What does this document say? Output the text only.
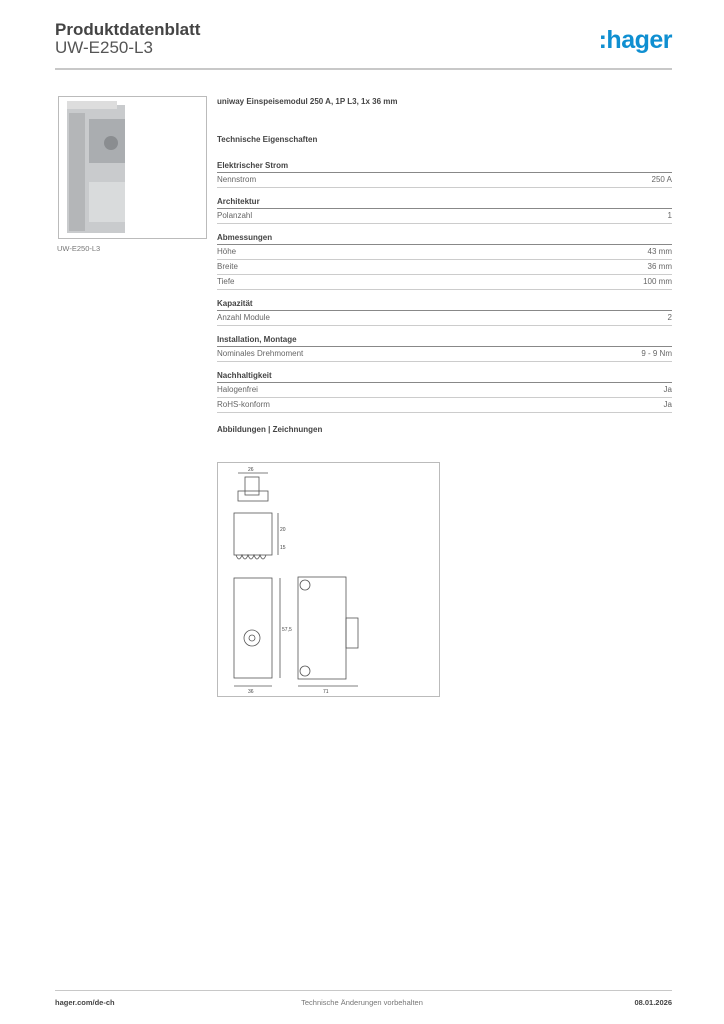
Produktdatenblatt
UW-E250-L3	:hager
UW-E250-L3
uniway Einspeisemodul 250 A, 1P L3, 1x 36 mm
Technische Eigenschaften
Elektrischer Strom
Nennstrom	250 A
Architektur
Polanzahl	1
Abmessungen
Höhe	43 mm
Breite	36 mm
Tiefe	100 mm
Kapazität
Anzahl Module	2
Installation, Montage
Nominales Drehmoment	9 - 9 Nm
Nachhaltigkeit
Halogenfrei	Ja
RoHS-konform	Ja
Abbildungen | Zeichnungen
26
20
15
57,5
36	71
hager.com/de-ch	Technische Änderungen vorbehalten	08.01.2026
